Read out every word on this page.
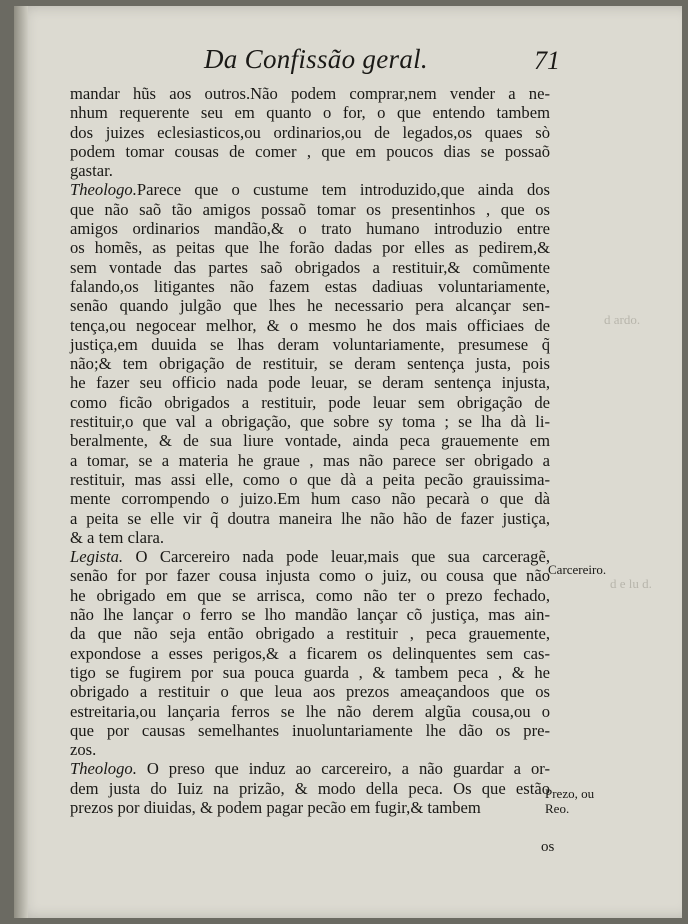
d ardo.
d e lu d.
Da Confissão geral.	71
mandar hũs aos outros.Não podem comprar,nem vender a ne-
nhum requerente seu em quanto o for, o que entendo tambem
dos juizes eclesiasticos,ou ordinarios,ou de legados,os quaes sò
podem tomar cousas de comer , que em poucos dias se possaõ
gastar.
Theologo.Parece que o custume tem introduzido,que ainda dos
que não saõ tão amigos possaõ tomar os presentinhos , que os
amigos ordinarios mandão,& o trato humano introduzio entre
os homẽs, as peitas que lhe forão dadas por elles as pedirem,&
sem vontade das partes saõ obrigados a restituir,& comũmente
falando,os litigantes não fazem estas dadiuas voluntariamente,
senão quando julgão que lhes he necessario pera alcançar sen-
tença,ou negocear melhor, & o mesmo he dos mais officiaes de
justiça,em duuida se lhas deram voluntariamente, presumese q̃
não;& tem obrigação de restituir, se deram sentença justa, pois
he fazer seu officio nada pode leuar, se deram sentença injusta,
como ficão obrigados a restituir, pode leuar sem obrigação de
restituir,o que val a obrigação, que sobre sy toma ; se lha dà li-
beralmente, & de sua liure vontade, ainda peca grauemente em
a tomar, se a materia he graue , mas não parece ser obrigado a
restituir, mas assi elle, como o que dà a peita pecão grauissima-
mente corrompendo o juizo.Em hum caso não pecarà o que dà
a peita se elle vir q̃ doutra maneira lhe não hão de fazer justiça,
& a tem clara.
Legista. O Carcereiro nada pode leuar,mais que sua carceragẽ,
senão for por fazer cousa injusta como o juiz, ou cousa que não
he obrigado em que se arrisca, como não ter o prezo fechado,
não lhe lançar o ferro se lho mandão lançar cõ justiça, mas ain-
da que não seja então obrigado a restituir , peca grauemente,
expondose a esses perigos,& a ficarem os delinquentes sem cas-
tigo se fugirem por sua pouca guarda , & tambem peca , & he
obrigado a restituir o que leua aos prezos ameaçandoos que os
estreitaria,ou lançaria ferros se lhe não derem algũa cousa,ou o
que por causas semelhantes inuoluntariamente lhe dão os pre-
zos.
Theologo. O preso que induz ao carcereiro, a não guardar a or-
dem justa do Iuiz na prizão, & modo della peca. Os que estão
prezos por diuidas, & podem pagar pecão em fugir,& tambem
Carcereiro.
Prezo, ou Reo.
os
